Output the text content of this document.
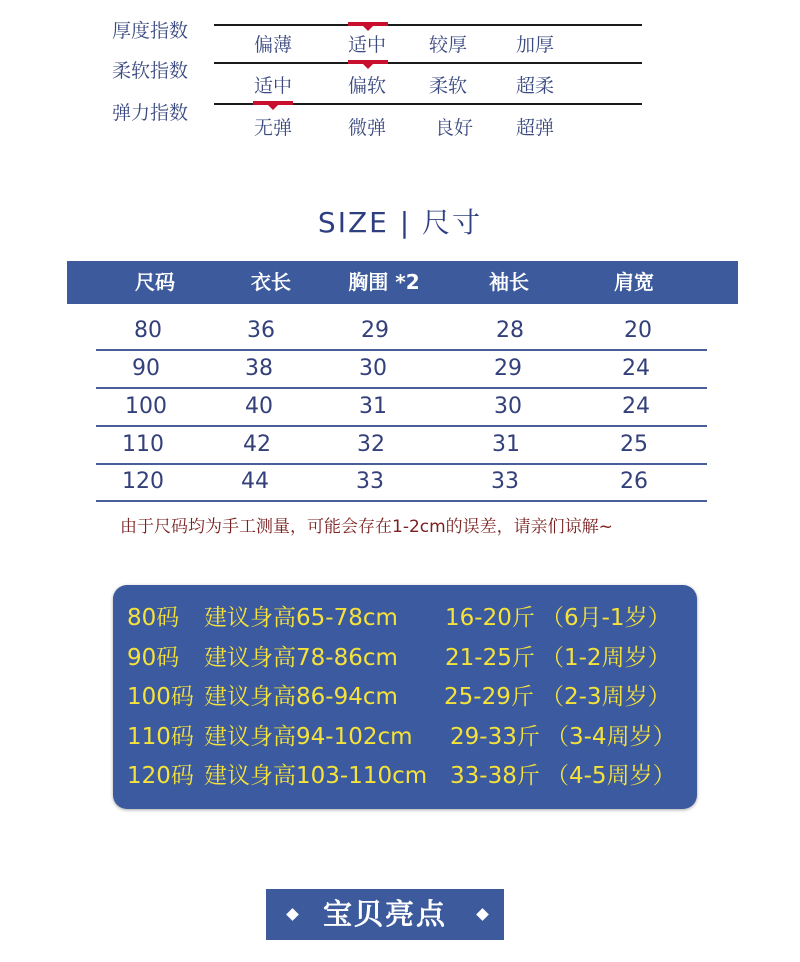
厚度指数
偏薄	适中 较厚	加厚
柔软指数
适中	偏软 柔软	超柔
弹力指数
无弹	微弹	良好 超弹
SIZE | 尺寸
尺码	衣长	胸围 *2	袖长	肩宽
80	36	29	28	20
90	38	30	29	24
100	40	31	30	24
110	42	32	31	25
120	44	33	33	26
由于尺码均为手工测量，可能会存在1-2cm的误差，请亲们谅解~
80码 建议身高65-78cm 16-20斤 （6月-1岁）
90码 建议身高78-86cm 21-25斤 （1-2周岁）
100码 建议身高86-94cm 25-29斤 （2-3周岁）
110码 建议身高94-102cm 29-33斤 （3-4周岁）
120码 建议身高103-110cm 33-38斤 （4-5周岁）
宝贝亮点
